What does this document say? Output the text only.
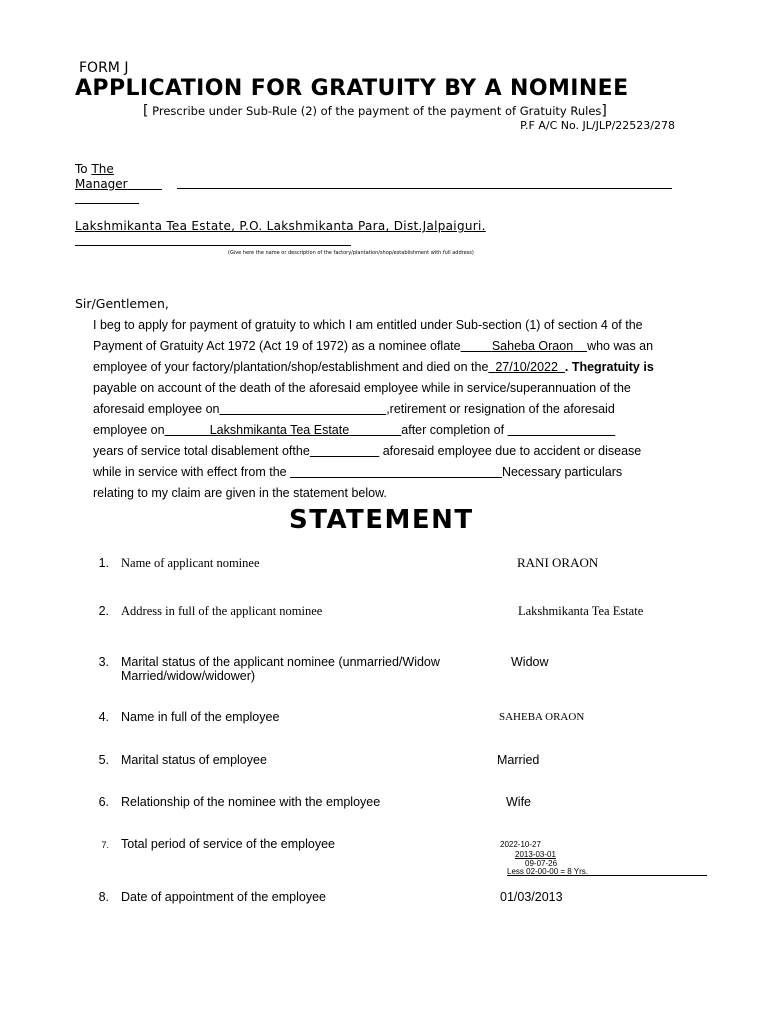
FORM J
APPLICATION FOR GRATUITY BY A NOMINEE
[ Prescribe under Sub-Rule (2) of the payment of the payment of Gratuity Rules]
P.F A/C No. JL/JLP/22523/278
To The
Manager
Lakshmikanta Tea Estate, P.O. Lakshmikanta Para, Dist.Jalpaiguri.
(Give here the name or description of the factory/plantation/shop/establishment with full address)
Sir/Gentlemen,
I beg to apply for payment of gratuity to which I am entitled under Sub-section (1) of section 4 of the
Payment of Gratuity Act 1972 (Act 19 of 1972) as a nominee oflate	Saheba Oraon who was an
employee of your factory/plantation/shop/establishment and died on the 27/10/2022 . Thegratuity is
payable on account of the death of the aforesaid employee while in service/superannuation of the
aforesaid employee on	,retirement or resignation of the aforesaid
employee on	Lakshmikanta Tea Estate	after completion of
years of service total disablement ofthe	aforesaid employee due to accident or disease
while in service with effect from the	Necessary particulars
relating to my claim are given in the statement below.
STATEMENT
1. Name of applicant nominee	RANI ORAON
2. Address in full of the applicant nominee	Lakshmikanta Tea Estate
3. Marital status of the applicant nominee (unmarried/Widow
Married/widow/widower)
Widow
4. Name in full of the employee	SAHEBA ORAON
5. Marital status of employee	Married
6. Relationship of the nominee with the employee	Wife
7. Total period of service of the employee	2022-10-27
2013-03-01
09-07-26
Less 02-00-00 = 8 Yrs.
8. Date of appointment of the employee	01/03/2013
